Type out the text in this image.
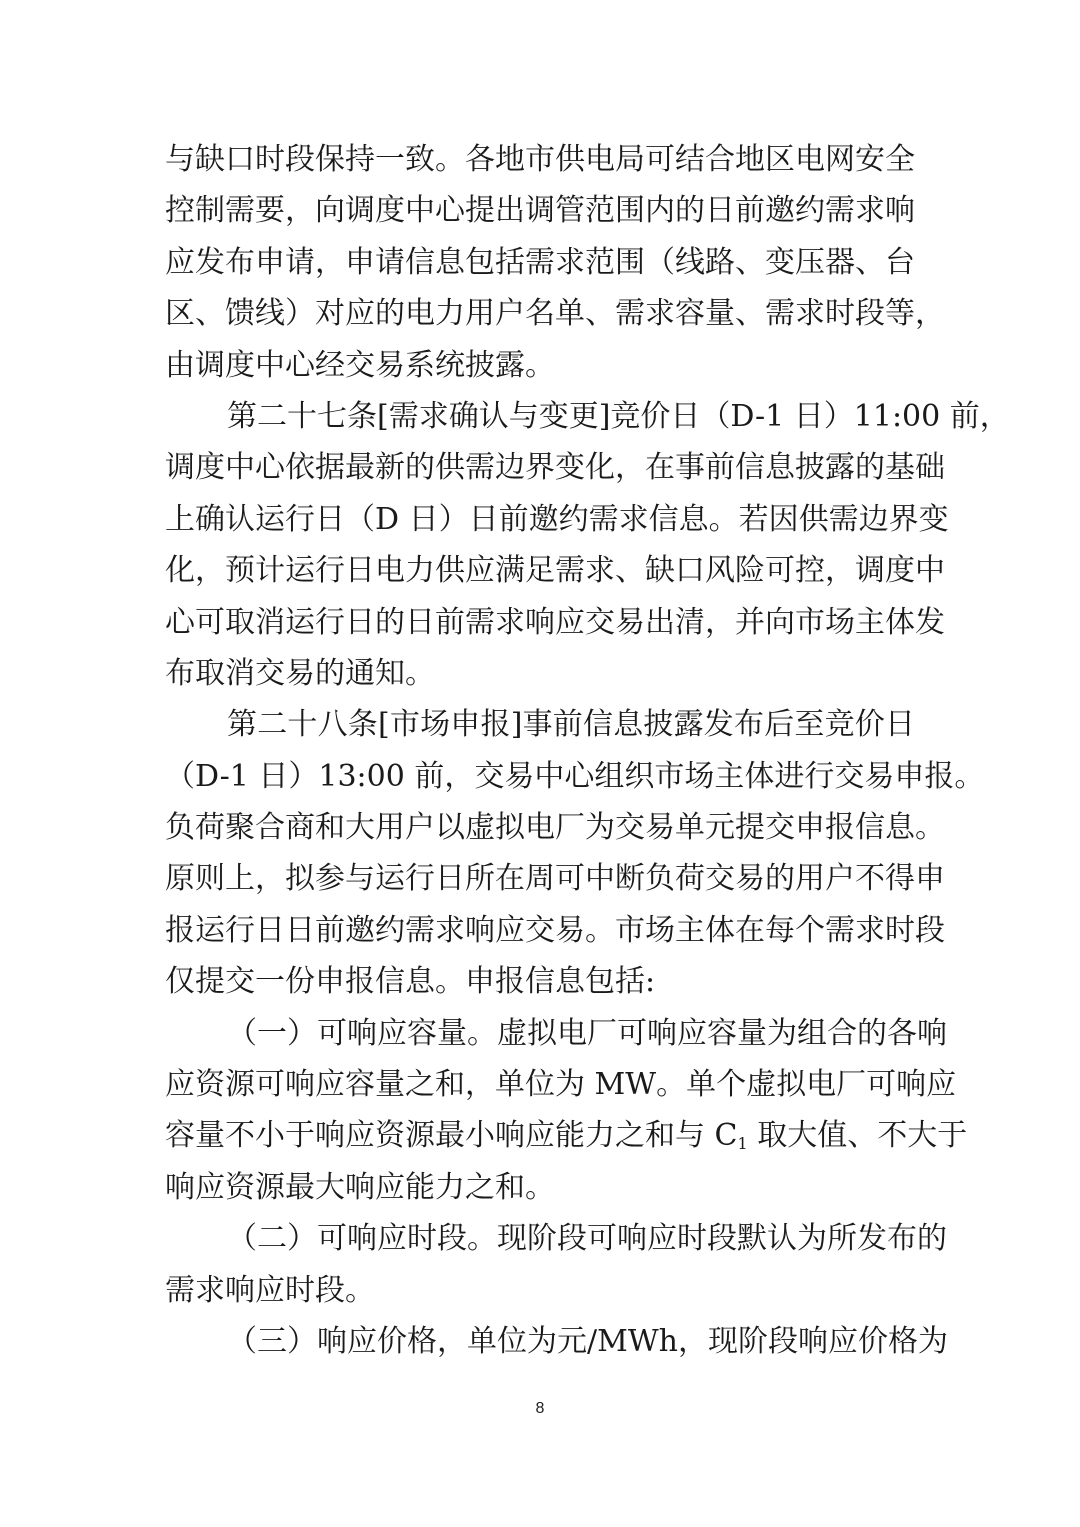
与缺口时段保持一致。各地市供电局可结合地区电网安全
控制需要，向调度中心提出调管范围内的日前邀约需求响
应发布申请，申请信息包括需求范围（线路、变压器、台
区、馈线）对应的电力用户名单、需求容量、需求时段等，
由调度中心经交易系统披露。
第二十七条[需求确认与变更]竞价日（D-1 日）11:00 前，
调度中心依据最新的供需边界变化，在事前信息披露的基础
上确认运行日（D 日）日前邀约需求信息。若因供需边界变
化，预计运行日电力供应满足需求、缺口风险可控，调度中
心可取消运行日的日前需求响应交易出清，并向市场主体发
布取消交易的通知。
第二十八条[市场申报]事前信息披露发布后至竞价日
（D-1 日）13:00 前，交易中心组织市场主体进行交易申报。
负荷聚合商和大用户以虚拟电厂为交易单元提交申报信息。
原则上，拟参与运行日所在周可中断负荷交易的用户不得申
报运行日日前邀约需求响应交易。市场主体在每个需求时段
仅提交一份申报信息。申报信息包括:
（一）可响应容量。虚拟电厂可响应容量为组合的各响
应资源可响应容量之和，单位为 MW。单个虚拟电厂可响应
容量不小于响应资源最小响应能力之和与 $C_1$ 取大值、不大于
响应资源最大响应能力之和。
（二）可响应时段。现阶段可响应时段默认为所发布的
需求响应时段。
（三）响应价格，单位为元/MWh，现阶段响应价格为
8
